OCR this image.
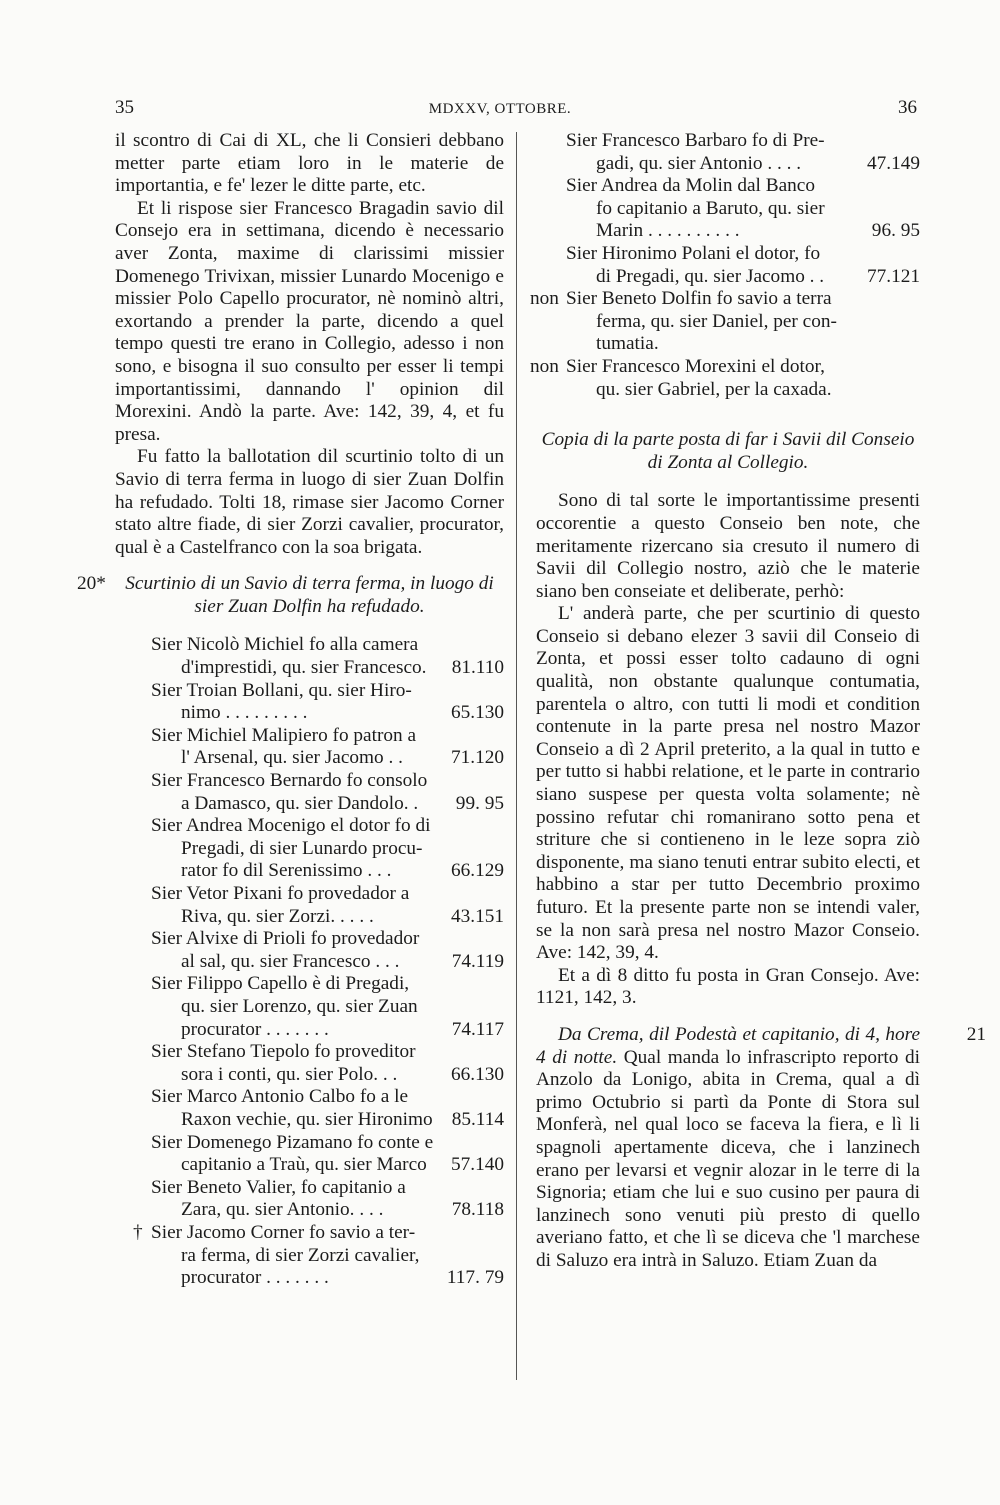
35	MDXXV, OTTOBRE.	36

il scontro di Cai di XL, che li Consieri debbano metter parte etiam loro in le materie de importantia, e fe' lezer le ditte parte, etc.

Et li rispose sier Francesco Bragadin savio dil Consejo era in settimana, dicendo è necessario aver Zonta, maxime di clarissimi missier Domenego Trivixan, missier Lunardo Mocenigo e missier Polo Capello procurator, nè nominò altri, exortando a prender la parte, dicendo a quel tempo questi tre erano in Collegio, adesso i non sono, e bisogna il suo consulto per esser li tempi importantissimi, dannando l' opinion dil Morexini. Andò la parte. Ave: 142, 39, 4, et fu presa.

Fu fatto la ballotation dil scurtinio tolto di un Savio di terra ferma in luogo di sier Zuan Dolfin ha refudado. Tolti 18, rimase sier Jacomo Corner stato altre fiade, di sier Zorzi cavalier, procurator, qual è a Castelfranco con la soa brigata.

20* Scurtinio di un Savio di terra ferma, in luogo di sier Zuan Dolfin ha refudado.
Sier Nicolò Michiel fo alla camera
d'imprestidi, qu. sier Francesco.	81.110
Sier Troian Bollani, qu. sier Hiro-
nimo . . . . . . . . .	65.130
Sier Michiel Malipiero fo patron a
l' Arsenal, qu. sier Jacomo . .	71.120
Sier Francesco Bernardo fo consolo
a Damasco, qu. sier Dandolo. .	99. 95
Sier Andrea Mocenigo el dotor fo di
Pregadi, di sier Lunardo procu-
rator fo dil Serenissimo . . .	66.129
Sier Vetor Pixani fo provedador a
Riva, qu. sier Zorzi. . . . .	43.151
Sier Alvixe di Prioli fo provedador
al sal, qu. sier Francesco . . .	74.119
Sier Filippo Capello è di Pregadi,
qu. sier Lorenzo, qu. sier Zuan
procurator . . . . . . .	74.117
Sier Stefano Tiepolo fo proveditor
sora i conti, qu. sier Polo. . .	66.130
Sier Marco Antonio Calbo fo a le
Raxon vechie, qu. sier Hironimo 85.114
Sier Domenego Pizamano fo conte e
capitanio a Traù, qu. sier Marco	57.140
Sier Beneto Valier, fo capitanio a
Zara, qu. sier Antonio. . . .	78.118
† Sier Jacomo Corner fo savio a ter-
ra ferma, di sier Zorzi cavalier,
procurator . . . . . . .	117. 79
Sier Francesco Barbaro fo di Pre-
gadi, qu. sier Antonio . . . .	47.149
Sier Andrea da Molin dal Banco
fo capitanio a Baruto, qu. sier
Marin . . . . . . . . . .	96. 95
Sier Hironimo Polani el dotor, fo
di Pregadi, qu. sier Jacomo . .	77.121
non Sier Beneto Dolfin fo savio a terra
ferma, qu. sier Daniel, per con-
tumatia.
non Sier Francesco Morexini el dotor,
qu. sier Gabriel, per la caxada.
Copia di la parte posta di far i Savii dil Conseio di Zonta al Collegio.

Sono di tal sorte le importantissime presenti occorentie a questo Conseio ben note, che meritamente rizercano sia cresuto il numero di Savii dil Collegio nostro, aziò che le materie siano ben conseiate et deliberate, perhò:

L' anderà parte, che per scurtinio di questo Conseio si debano elezer 3 savii dil Conseio di Zonta, et possi esser tolto cadauno di ogni qualità, non obstante qualunque contumatia, parentela o altro, con tutti li modi et condition contenute in la parte presa nel nostro Mazor Conseio a dì 2 April preterito, a la qual in tutto e per tutto si habbi relatione, et le parte in contrario siano suspese per questa volta solamente; nè possino refutar chi romanirano sotto pena et striture che si contieneno in le leze sopra ziò disponente, ma siano tenuti entrar subito electi, et habbino a star per tutto Decembrio proximo futuro. Et la presente parte non se intendi valer, se la non sarà presa nel nostro Mazor Conseio. Ave: 142, 39, 4.

Et a dì 8 ditto fu posta in Gran Consejo. Ave: 1121, 142, 3.

21
Da Crema, dil Podestà et capitanio, di 4, hore 4 di notte. Qual manda lo infrascripto reporto di Anzolo da Lonigo, abita in Crema, qual a dì primo Octubrio si partì da Ponte di Stora sul Monferà, nel qual loco se faceva la fiera, e lì li spagnoli apertamente diceva, che i lanzinech erano per levarsi et vegnir alozar in le terre di la Signoria; etiam che lui e suo cusino per paura di lanzinech sono venuti più presto di quello averiano fatto, et che lì se diceva che 'l marchese di Saluzo era intrà in Saluzo. Etiam Zuan da
